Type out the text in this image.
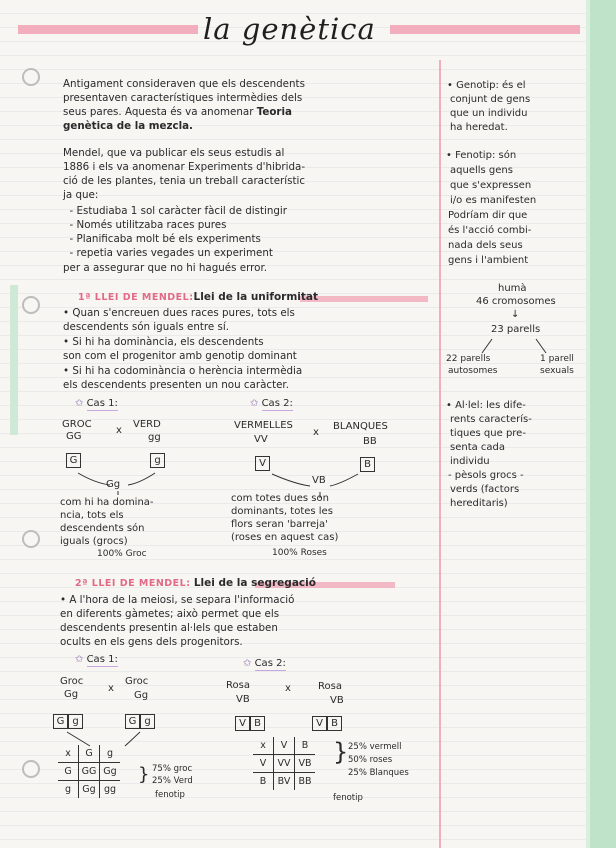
la genètica
Antigament consideraven que els descendents
presentaven característiques intermèdies dels
seus pares. Aquesta és va anomenar Teoria
genètica de la mezcla.
Mendel, que va publicar els seus estudis al
1886 i els va anomenar Experiments d'hibrida-
ció de les plantes, tenia un treball característic
ja que:
- Estudiaba 1 sol caràcter fàcil de distingir
- Només utilitzaba races pures
- Planificaba molt bé els experiments
- repetia varies vegades un experiment
per a assegurar que no hi hagués error.
1ª LLEI DE MENDEL:Llei de la uniformitat
• Quan s'encreuen dues races pures, tots els
descendents són iguals entre sí.
• Si hi ha dominància, els descendents
son com el progenitor amb genotip dominant
• Si hi ha codominància o herència intermèdia
els descendents presenten un nou caràcter.
✩ Cas 1:
GROC
GG
x
VERD
gg
G	g
Gg
com hi ha domina-
ncia, tots els
descendents són
iguals (grocs)
100% Groc
✩ Cas 2:
VERMELLES
VV
x
BLANQUES
BB
V	B
VB
com totes dues son
dominants, totes les
flors seran 'barreja'
(roses en aquest cas)
100% Roses
2ª LLEI DE MENDEL: Llei de la segregació
• A l'hora de la meiosi, se separa l'informació
en diferents gàmetes; això permet que els
descendents presentin al·lels que estaben
ocults en els gens dels progenitors.
✩ Cas 1:
Groc
Gg
x
Groc
Gg
G g	G g
x	G	g
G	GG	Gg
g	Gg	gg
} 75% groc
25% Verd
fenotip
✩ Cas 2:
Rosa
VB
x	Rosa
VB
V B	V B
x	V	B
V	VV	VB
B	BV	BB
} 25% vermell
50% roses
25% Blanques
fenotip
• Genotip: és el
conjunt de gens
que un individu
ha heredat.
• Fenotip: són
aquells gens
que s'expressen
i/o es manifesten
Podríam dir que
és l'acció combi-
nada dels seus
gens i l'ambient
humà
46 cromosomes
↓
23 parells
22 parells
autosomes
1 parell
sexuals
• Al·lel: les dife-
rents caracterís-
tiques que pre-
senta cada
individu
- pèsols grocs -
verds (factors
hereditaris)
